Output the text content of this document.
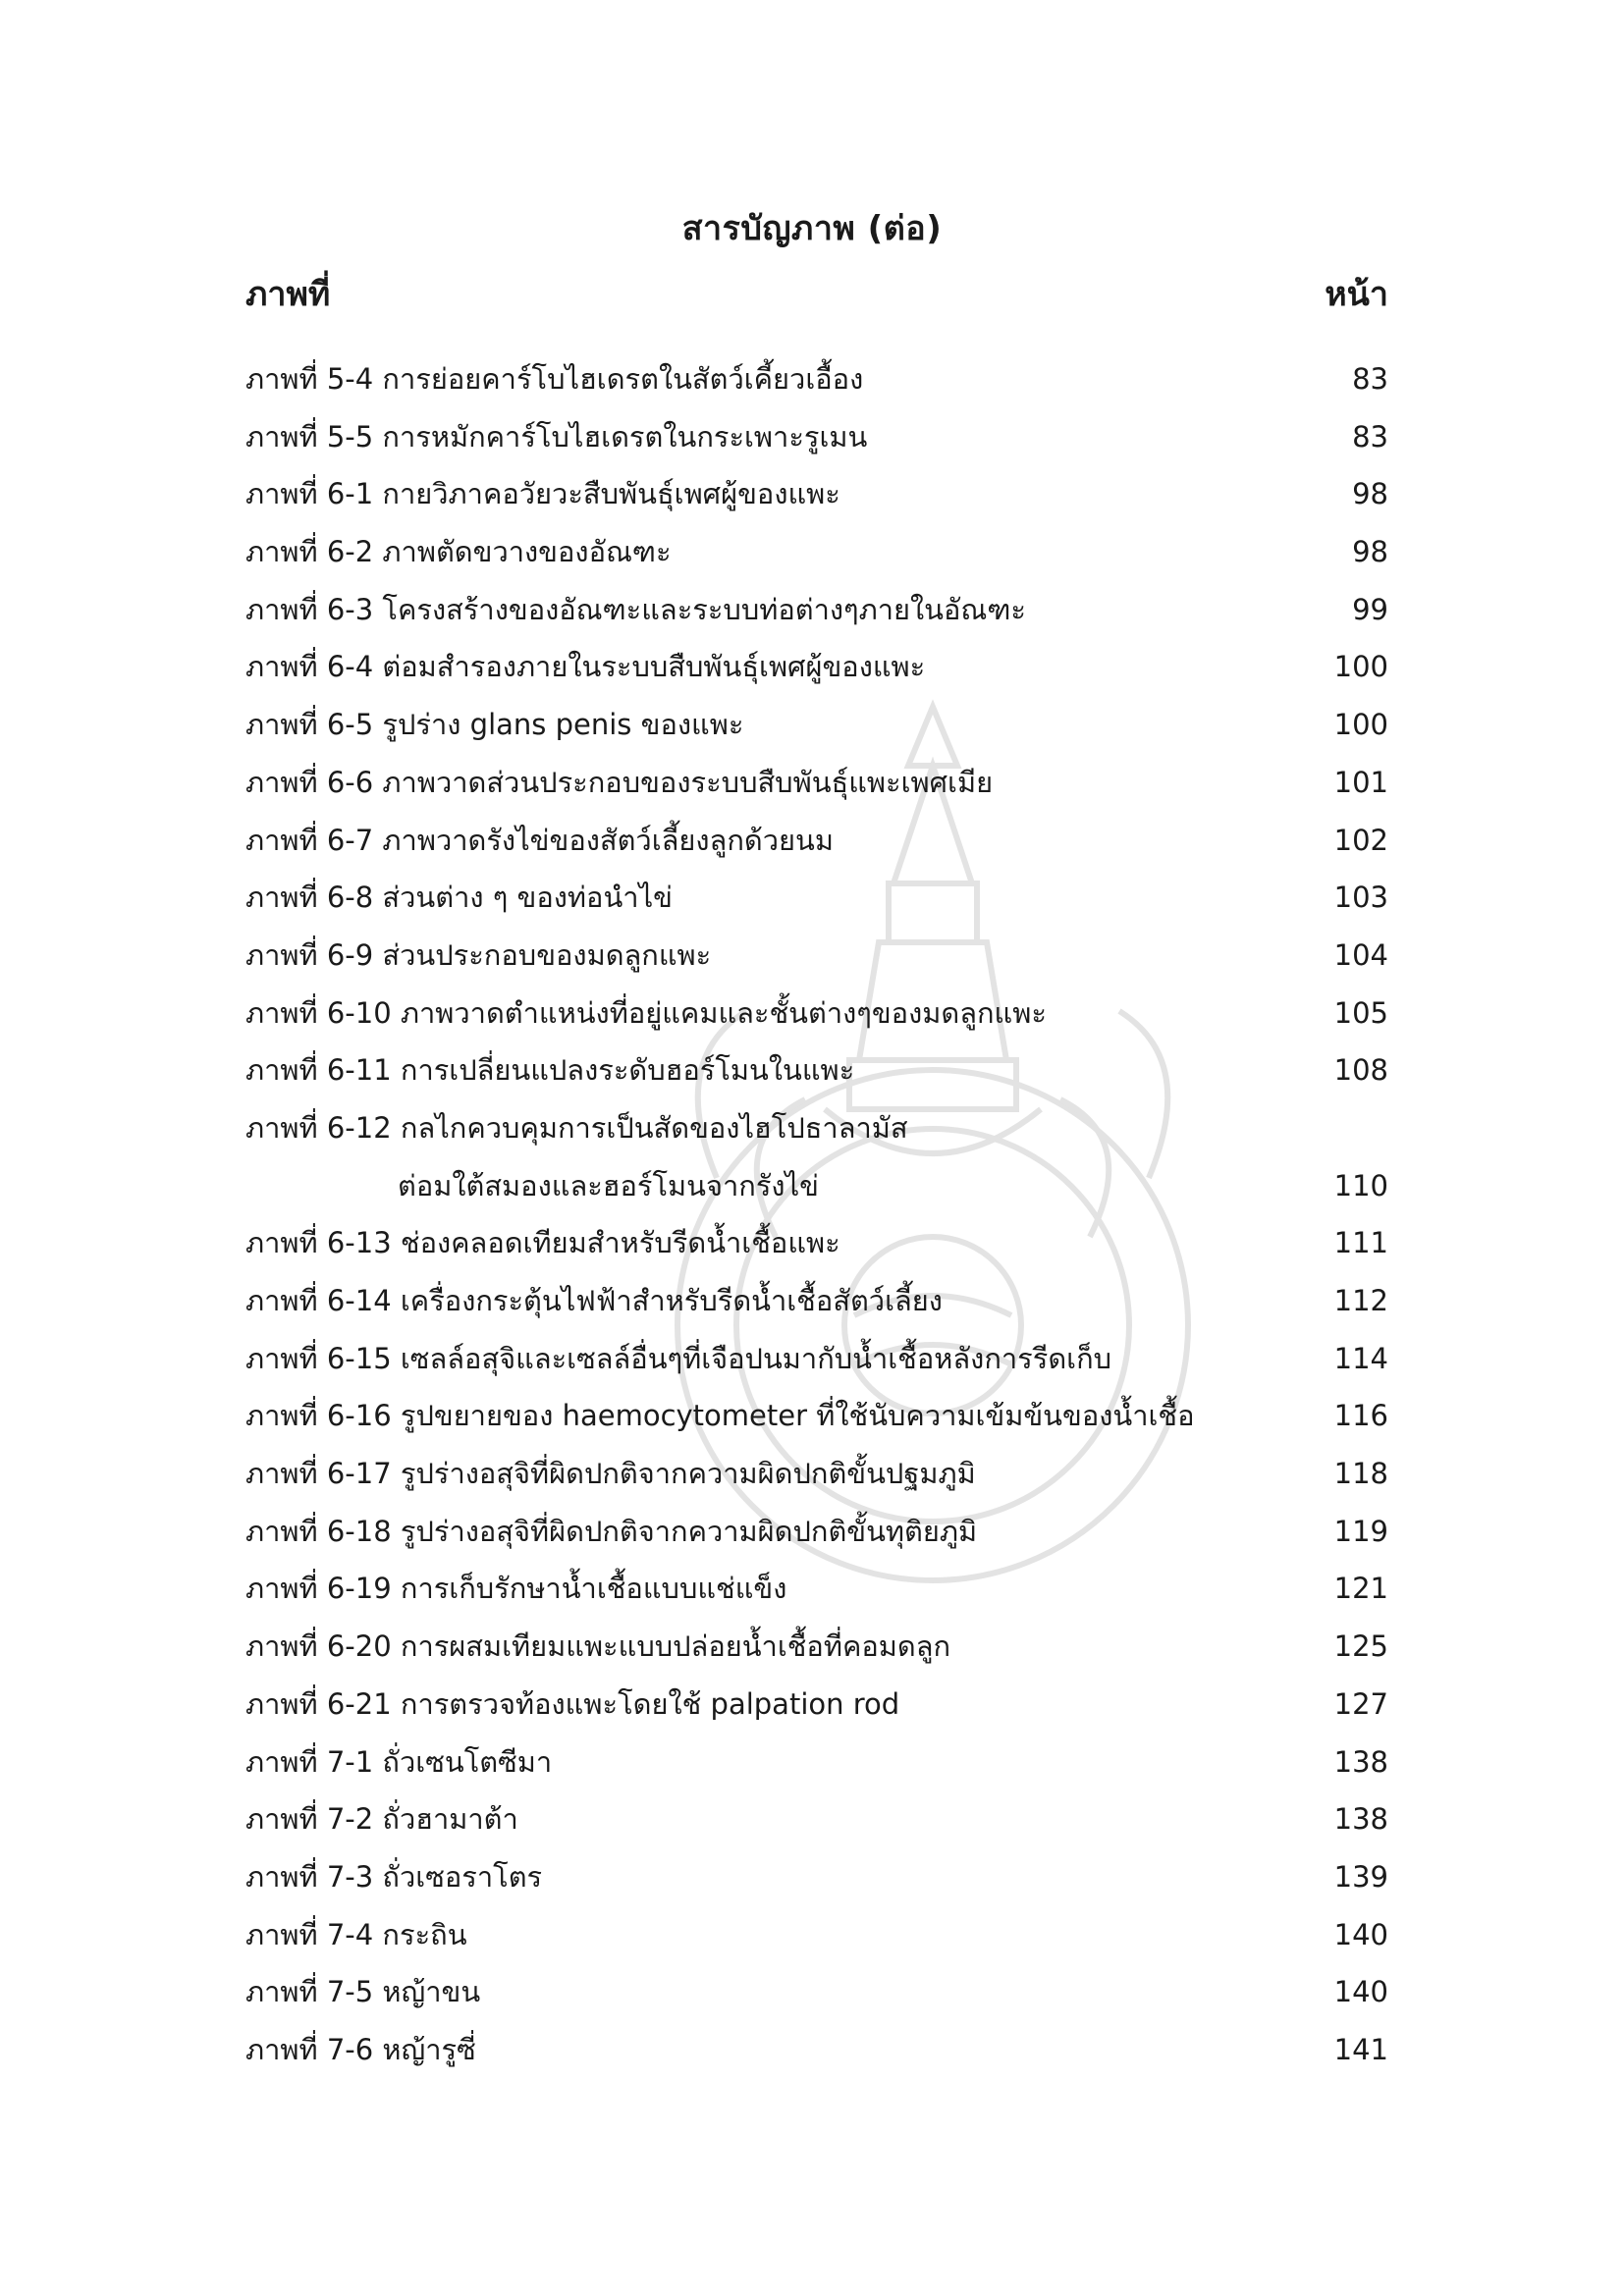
สารบัญภาพ (ต่อ)
ภาพที่	หน้า
ภาพที่ 5-4 การย่อยคาร์โบไฮเดรตในสัตว์เคี้ยวเอื้อง	83
ภาพที่ 5-5 การหมักคาร์โบไฮเดรตในกระเพาะรูเมน	83
ภาพที่ 6-1 กายวิภาคอวัยวะสืบพันธุ์เพศผู้ของแพะ	98
ภาพที่ 6-2 ภาพตัดขวางของอัณฑะ	98
ภาพที่ 6-3 โครงสร้างของอัณฑะและระบบท่อต่างๆภายในอัณฑะ	99
ภาพที่ 6-4 ต่อมสำรองภายในระบบสืบพันธุ์เพศผู้ของแพะ	100
ภาพที่ 6-5 รูปร่าง glans penis ของแพะ	100
ภาพที่ 6-6 ภาพวาดส่วนประกอบของระบบสืบพันธุ์แพะเพศเมีย	101
ภาพที่ 6-7 ภาพวาดรังไข่ของสัตว์เลี้ยงลูกด้วยนม	102
ภาพที่ 6-8 ส่วนต่าง ๆ ของท่อนำไข่	103
ภาพที่ 6-9 ส่วนประกอบของมดลูกแพะ	104
ภาพที่ 6-10 ภาพวาดตำแหน่งที่อยู่แคมและชั้นต่างๆของมดลูกแพะ	105
ภาพที่ 6-11 การเปลี่ยนแปลงระดับฮอร์โมนในแพะ	108
ภาพที่ 6-12 กลไกควบคุมการเป็นสัดของไฮโปธาลามัส
ต่อมใต้สมองและฮอร์โมนจากรังไข่	110
ภาพที่ 6-13 ช่องคลอดเทียมสำหรับรีดน้ำเชื้อแพะ	111
ภาพที่ 6-14 เครื่องกระตุ้นไฟฟ้าสำหรับรีดน้ำเชื้อสัตว์เลี้ยง	112
ภาพที่ 6-15 เซลล์อสุจิและเซลล์อื่นๆที่เจือปนมากับน้ำเชื้อหลังการรีดเก็บ	114
ภาพที่ 6-16 รูปขยายของ haemocytometer ที่ใช้นับความเข้มข้นของน้ำเชื้อ	116
ภาพที่ 6-17 รูปร่างอสุจิที่ผิดปกติจากความผิดปกติขั้นปฐมภูมิ	118
ภาพที่ 6-18 รูปร่างอสุจิที่ผิดปกติจากความผิดปกติขั้นทุติยภูมิ	119
ภาพที่ 6-19 การเก็บรักษาน้ำเชื้อแบบแช่แข็ง	121
ภาพที่ 6-20 การผสมเทียมแพะแบบปล่อยน้ำเชื้อที่คอมดลูก	125
ภาพที่ 6-21 การตรวจท้องแพะโดยใช้ palpation rod	127
ภาพที่ 7-1 ถั่วเซนโตซีมา	138
ภาพที่ 7-2 ถั่วฮามาต้า	138
ภาพที่ 7-3 ถั่วเซอราโตร	139
ภาพที่ 7-4 กระถิน	140
ภาพที่ 7-5 หญ้าขน	140
ภาพที่ 7-6 หญ้ารูซี่	141
